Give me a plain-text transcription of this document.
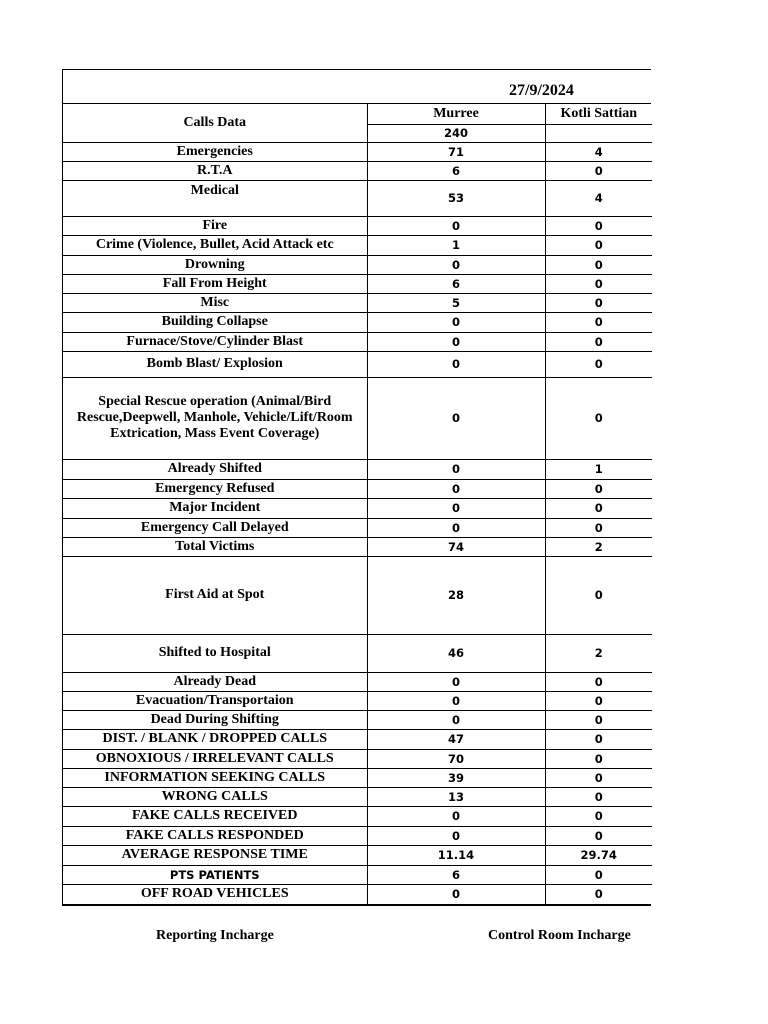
27/9/2024
Calls Data	Murree	Kotli Sattian
	240	
Emergencies	71	4
R.T.A	6	0
Medical	53	4
Fire	0	0
Crime (Violence, Bullet, Acid Attack etc	1	0
Drowning	0	0
Fall From Height	6	0
Misc	5	0
Building Collapse	0	0
Furnace/Stove/Cylinder Blast	0	0
Bomb Blast/ Explosion	0	0
Special Rescue operation (Animal/Bird Rescue,Deepwell, Manhole, Vehicle/Lift/Room Extrication, Mass Event Coverage)	0	0
Already Shifted	0	1
Emergency Refused	0	0
Major Incident	0	0
Emergency Call Delayed	0	0
Total Victims	74	2
First Aid at Spot	28	0
Shifted to Hospital	46	2
Already Dead	0	0
Evacuation/Transportaion	0	0
Dead During Shifting	0	0
DIST. / BLANK / DROPPED CALLS	47	0
OBNOXIOUS / IRRELEVANT CALLS	70	0
INFORMATION SEEKING CALLS	39	0
WRONG CALLS	13	0
FAKE CALLS RECEIVED	0	0
FAKE CALLS RESPONDED	0	0
AVERAGE RESPONSE TIME	11.14	29.74
PTS PATIENTS	6	0
OFF ROAD VEHICLES	0	0
Reporting Incharge	Control Room Incharge
